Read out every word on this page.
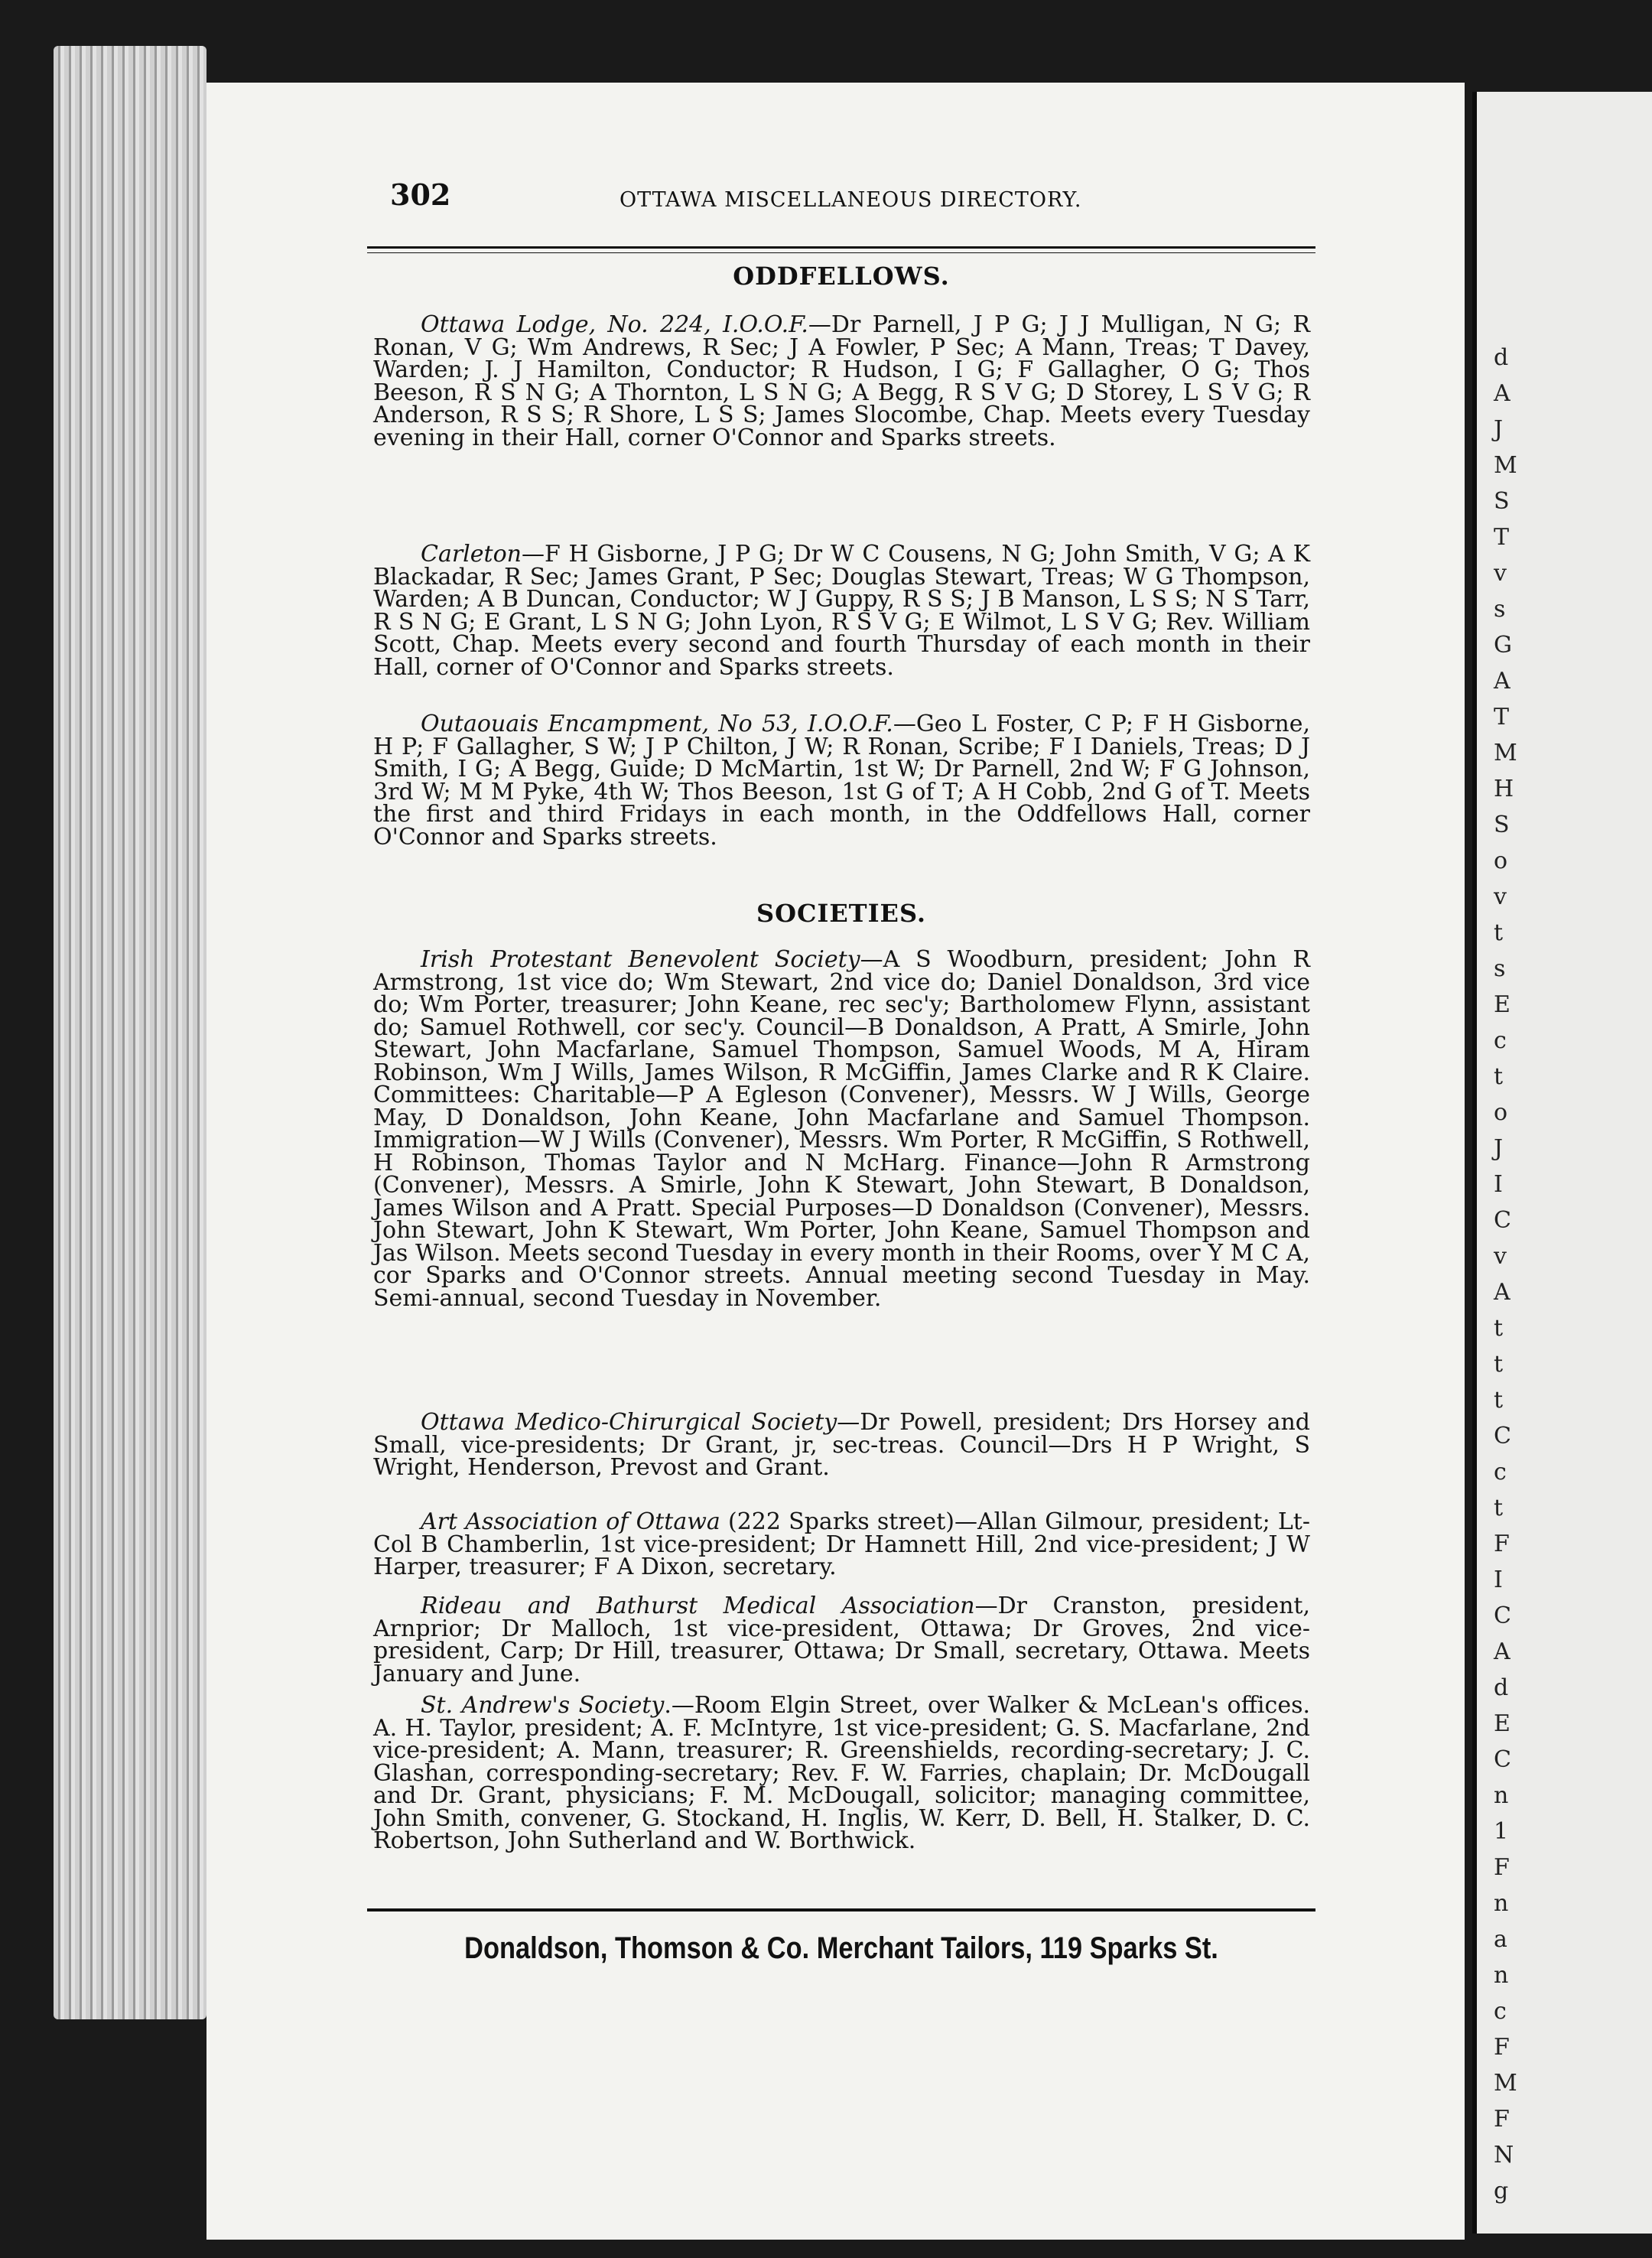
d
A
J
M
S
T
v
s
G
A
T
M
H
S
o
v
t
s
E
c
t
o
J
I
C
v
A
t
t
t
C
c
t
F
I
C
A
d
E
C
n
1
F
n
a
n
c
F
M
F
N
g
302	OTTAWA MISCELLANEOUS DIRECTORY.
ODDFELLOWS.
Ottawa Lodge, No. 224, I.O.O.F.—Dr Parnell, J P G; J J Mulligan, N G; R Ronan, V G; Wm Andrews, R Sec; J A Fowler, P Sec; A Mann, Treas; T Davey, Warden; J. J Hamilton, Conductor; R Hudson, I G; F Gallagher, O G; Thos Beeson, R S N G; A Thornton, L S N G; A Begg, R S V G; D Storey, L S V G; R Anderson, R S S; R Shore, L S S; James Slocombe, Chap. Meets every Tuesday evening in their Hall, corner O'Connor and Sparks streets.
Carleton—F H Gisborne, J P G; Dr W C Cousens, N G; John Smith, V G; A K Blackadar, R Sec; James Grant, P Sec; Douglas Stewart, Treas; W G Thompson, Warden; A B Duncan, Conductor; W J Guppy, R S S; J B Manson, L S S; N S Tarr, R S N G; E Grant, L S N G; John Lyon, R S V G; E Wilmot, L S V G; Rev. William Scott, Chap. Meets every second and fourth Thursday of each month in their Hall, corner of O'Connor and Sparks streets.
Outaouais Encampment, No 53, I.O.O.F.—Geo L Foster, C P; F H Gisborne, H P; F Gallagher, S W; J P Chilton, J W; R Ronan, Scribe; F I Daniels, Treas; D J Smith, I G; A Begg, Guide; D McMartin, 1st W; Dr Parnell, 2nd W; F G Johnson, 3rd W; M M Pyke, 4th W; Thos Beeson, 1st G of T; A H Cobb, 2nd G of T. Meets the first and third Fridays in each month, in the Oddfellows Hall, corner O'Connor and Sparks streets.
SOCIETIES.
Irish Protestant Benevolent Society—A S Woodburn, president; John R Armstrong, 1st vice do; Wm Stewart, 2nd vice do; Daniel Donaldson, 3rd vice do; Wm Porter, treasurer; John Keane, rec sec'y; Bartholomew Flynn, assistant do; Samuel Rothwell, cor sec'y. Council—B Donaldson, A Pratt, A Smirle, John Stewart, John Macfarlane, Samuel Thompson, Samuel Woods, M A, Hiram Robinson, Wm J Wills, James Wilson, R McGiffin, James Clarke and R K Claire. Committees: Charitable—P A Egleson (Convener), Messrs. W J Wills, George May, D Donaldson, John Keane, John Macfarlane and Samuel Thompson. Immigration—W J Wills (Convener), Messrs. Wm Porter, R McGiffin, S Rothwell, H Robinson, Thomas Taylor and N McHarg. Finance—John R Armstrong (Convener), Messrs. A Smirle, John K Stewart, John Stewart, B Donaldson, James Wilson and A Pratt. Special Purposes—D Donaldson (Convener), Messrs. John Stewart, John K Stewart, Wm Porter, John Keane, Samuel Thompson and Jas Wilson. Meets second Tuesday in every month in their Rooms, over Y M C A, cor Sparks and O'Connor streets. Annual meeting second Tuesday in May. Semi-annual, second Tuesday in November.
Ottawa Medico-Chirurgical Society—Dr Powell, president; Drs Horsey and Small, vice-presidents; Dr Grant, jr, sec-treas. Council—Drs H P Wright, S Wright, Henderson, Prevost and Grant.
Art Association of Ottawa (222 Sparks street)—Allan Gilmour, president; Lt-Col B Chamberlin, 1st vice-president; Dr Hamnett Hill, 2nd vice-president; J W Harper, treasurer; F A Dixon, secretary.
Rideau and Bathurst Medical Association—Dr Cranston, president, Arnprior; Dr Malloch, 1st vice-president, Ottawa; Dr Groves, 2nd vice-president, Carp; Dr Hill, treasurer, Ottawa; Dr Small, secretary, Ottawa. Meets January and June.
St. Andrew's Society.—Room Elgin Street, over Walker & McLean's offices. A. H. Taylor, president; A. F. McIntyre, 1st vice-president; G. S. Macfarlane, 2nd vice-president; A. Mann, treasurer; R. Greenshields, recording-secretary; J. C. Glashan, corresponding-secretary; Rev. F. W. Farries, chaplain; Dr. McDougall and Dr. Grant, physicians; F. M. McDougall, solicitor; managing committee, John Smith, convener, G. Stockand, H. Inglis, W. Kerr, D. Bell, H. Stalker, D. C. Robertson, John Sutherland and W. Borthwick.
Donaldson, Thomson & Co. Merchant Tailors, 119 Sparks St.
